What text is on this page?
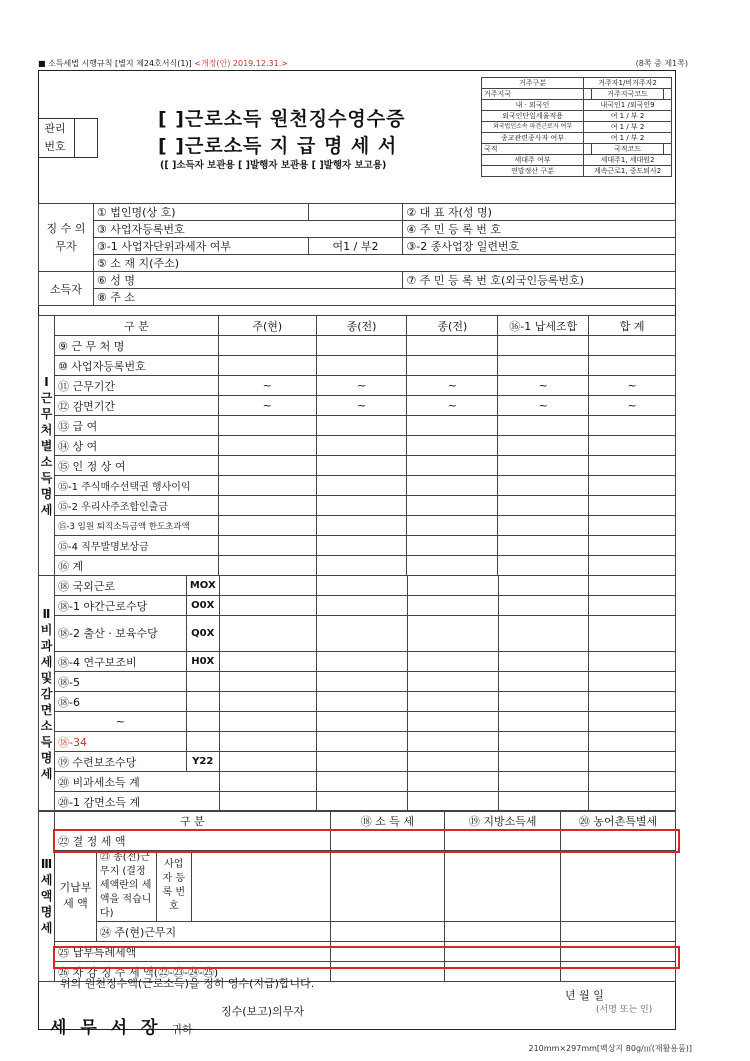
■ 소득세법 시행규칙 [별지 제24호서식(1)] <개정(안) 2019.12.31.>	(8쪽 중 제1쪽)
관리 번호
[ ]근로소득 원천징수영수증
[ ]근로소득 지 급 명 세 서
([ ]소득자 보관용 [ ]발행자 보관용 [ ]발행자 보고용)
거주구분	거주자1/비거주자2		
거주지국		거주지국코드	
내 · 외국인	내국인1 /외국인9		
외국인단일세율적용	여 1 / 부 2		
외국법인소속 파견근로자 여부	여 1 / 부 2		
종교관련종사자 여부	여 1 / 부 2		
국적		국적코드	
세대주 여부	세대주1, 세대원2		
연말정산 구분	계속근로1, 중도퇴사2		
징 수 의무자	① 법인명(상 호)		② 대 표 자(성 명)
	③ 사업자등록번호		④ 주 민 등 록 번 호
	③-1 사업자단위과세자 여부	여1 / 부2	③-2 종사업장 일련번호
	⑤ 소 재 지(주소)		
소득자	⑥ 성 명		⑦ 주 민 등 록 번 호(외국인등록번호)
	⑧ 주 소		
Ⅰ 근무처별소득명세	구 분	주(현)	종(전)	종(전)	⑯-1 납세조합	합 계
	⑨ 근 무 처 명					
	⑩ 사업자등록번호					
	⑪ 근무기간	~	~	~	~	~
	⑫ 감면기간	~	~	~	~	~
	⑬ 급 여					
	⑭ 상 여					
	⑮ 인 정 상 여					
	⑮-1 주식매수선택권 행사이익					
	⑮-2 우리사주조합인출금					
	⑮-3 임원 퇴직소득금액 한도초과액					
	⑮-4 직무발명보상금					
	⑯ 계					
Ⅱ 비과세및감면소득명세	⑱ 국외근로	MOX					
	⑱-1 야간근로수당	O0X					
	⑱-2 출산 · 보육수당	Q0X					
	⑱-4 연구보조비	H0X					
	⑱-5						
	⑱-6						
	~						
	⑱-34						
	⑲ 수련보조수당	Y22					
	⑳ 비과세소득 계						
	⑳-1 감면소득 계						
Ⅲ 세액명세	구 분				⑱ 소 득 세	⑲ 지방소득세	⑳ 농어촌특별세
	㉒ 결 정 세 액						
	기납부 세 액	㉓ 종(전)근무지 (결정세액란의 세액을 적습니다)	사업자 등록 번호				
		㉔ 주(현)근무지					
	㉕ 납부특례세액						
	㉖ 차 감 징 수 세 액(㉒-㉓-㉔-㉕)						
위의 원천징수액(근로소득)을 정히 영수(지급)합니다.
년 월 일
징수(보고)의무자	(서명 또는 인)
세 무 서 장 귀하
210mm×297mm[백상지 80g/㎡(재활용품)]
